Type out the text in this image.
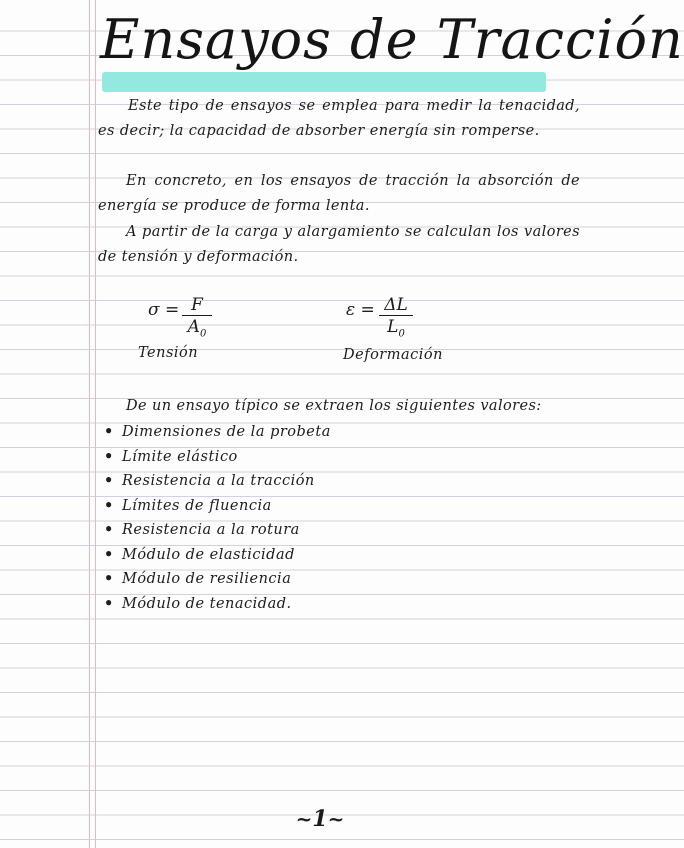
Ensayos de Tracción

Este tipo de ensayos se emplea para medir la tenacidad, es decir; la capacidad de absorber energía sin romperse.

En concreto, en los ensayos de tracción la absorción de energía se produce de forma lenta.

A partir de la carga y alargamiento se calculan los valores de tensión y deformación.

σ = F
$A_0$
ε = ΔL
$L_0$
Tensión	Deformación

De un ensayo típico se extraen los siguientes valores:

• Dimensiones de la probeta
• Límite elástico
• Resistencia a la tracción
• Límites de fluencia
• Resistencia a la rotura
• Módulo de elasticidad
• Módulo de resiliencia
• Módulo de tenacidad.
~1~
